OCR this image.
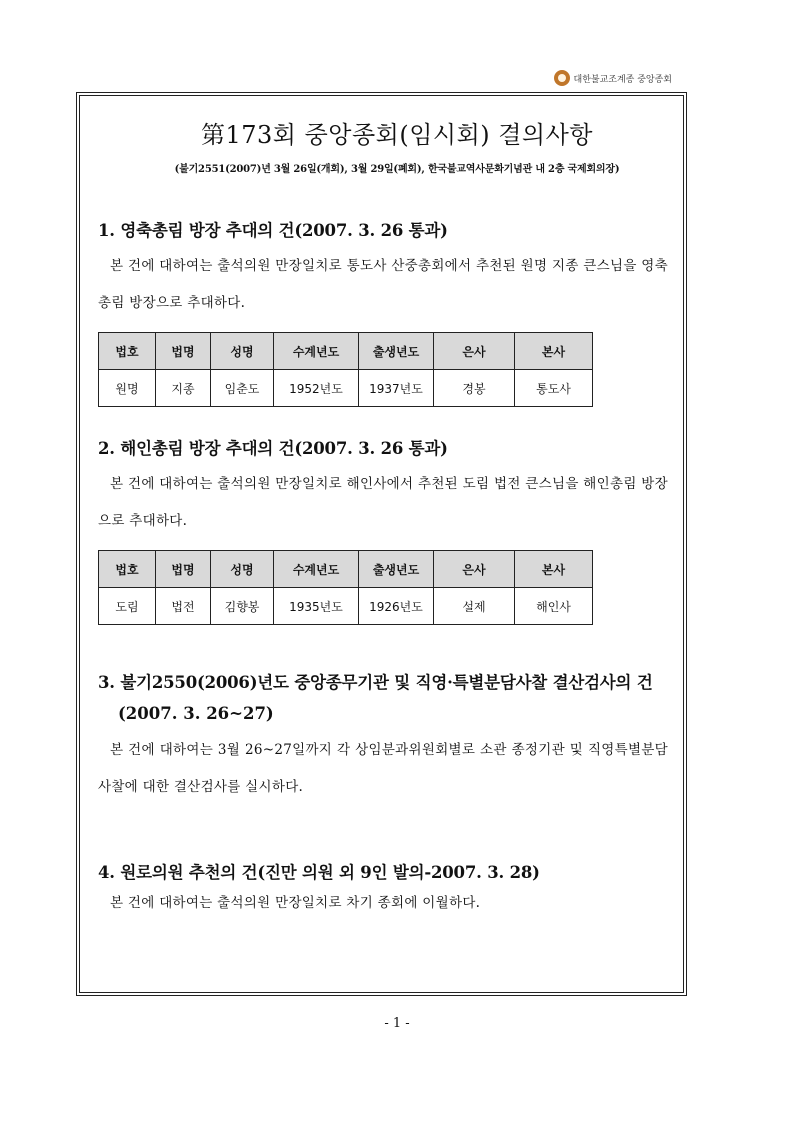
대한불교조계종 중앙종회
第173회 중앙종회(임시회) 결의사항
(불기2551(2007)년 3월 26일(개회), 3월 29일(폐회), 한국불교역사문화기념관 내 2층 국제회의장)

1. 영축총림 방장 추대의 건(2007. 3. 26 통과)

본 건에 대하여는 출석의원 만장일치로 통도사 산중총회에서 추천된 원명 지종 큰스님을 영축총림 방장으로 추대하다.

법호	법명	성명	수계년도	출생년도	은사	본사
원명	지종	임춘도	1952년도	1937년도	경봉	통도사

2. 해인총림 방장 추대의 건(2007. 3. 26 통과)

본 건에 대하여는 출석의원 만장일치로 해인사에서 추천된 도림 법전 큰스님을 해인총림 방장으로 추대하다.

법호	법명	성명	수계년도	출생년도	은사	본사
도림	법전	김향봉	1935년도	1926년도	설제	해인사

3. 불기2550(2006)년도 중앙종무기관 및 직영·특별분담사찰 결산검사의 건

(2007. 3. 26~27)

본 건에 대하여는 3월 26~27일까지 각 상임분과위원회별로 소관 종정기관 및 직영특별분담사찰에 대한 결산검사를 실시하다.

4. 원로의원 추천의 건(진만 의원 외 9인 발의-2007. 3. 28)

본 건에 대하여는 출석의원 만장일치로 차기 종회에 이월하다.

- 1 -
